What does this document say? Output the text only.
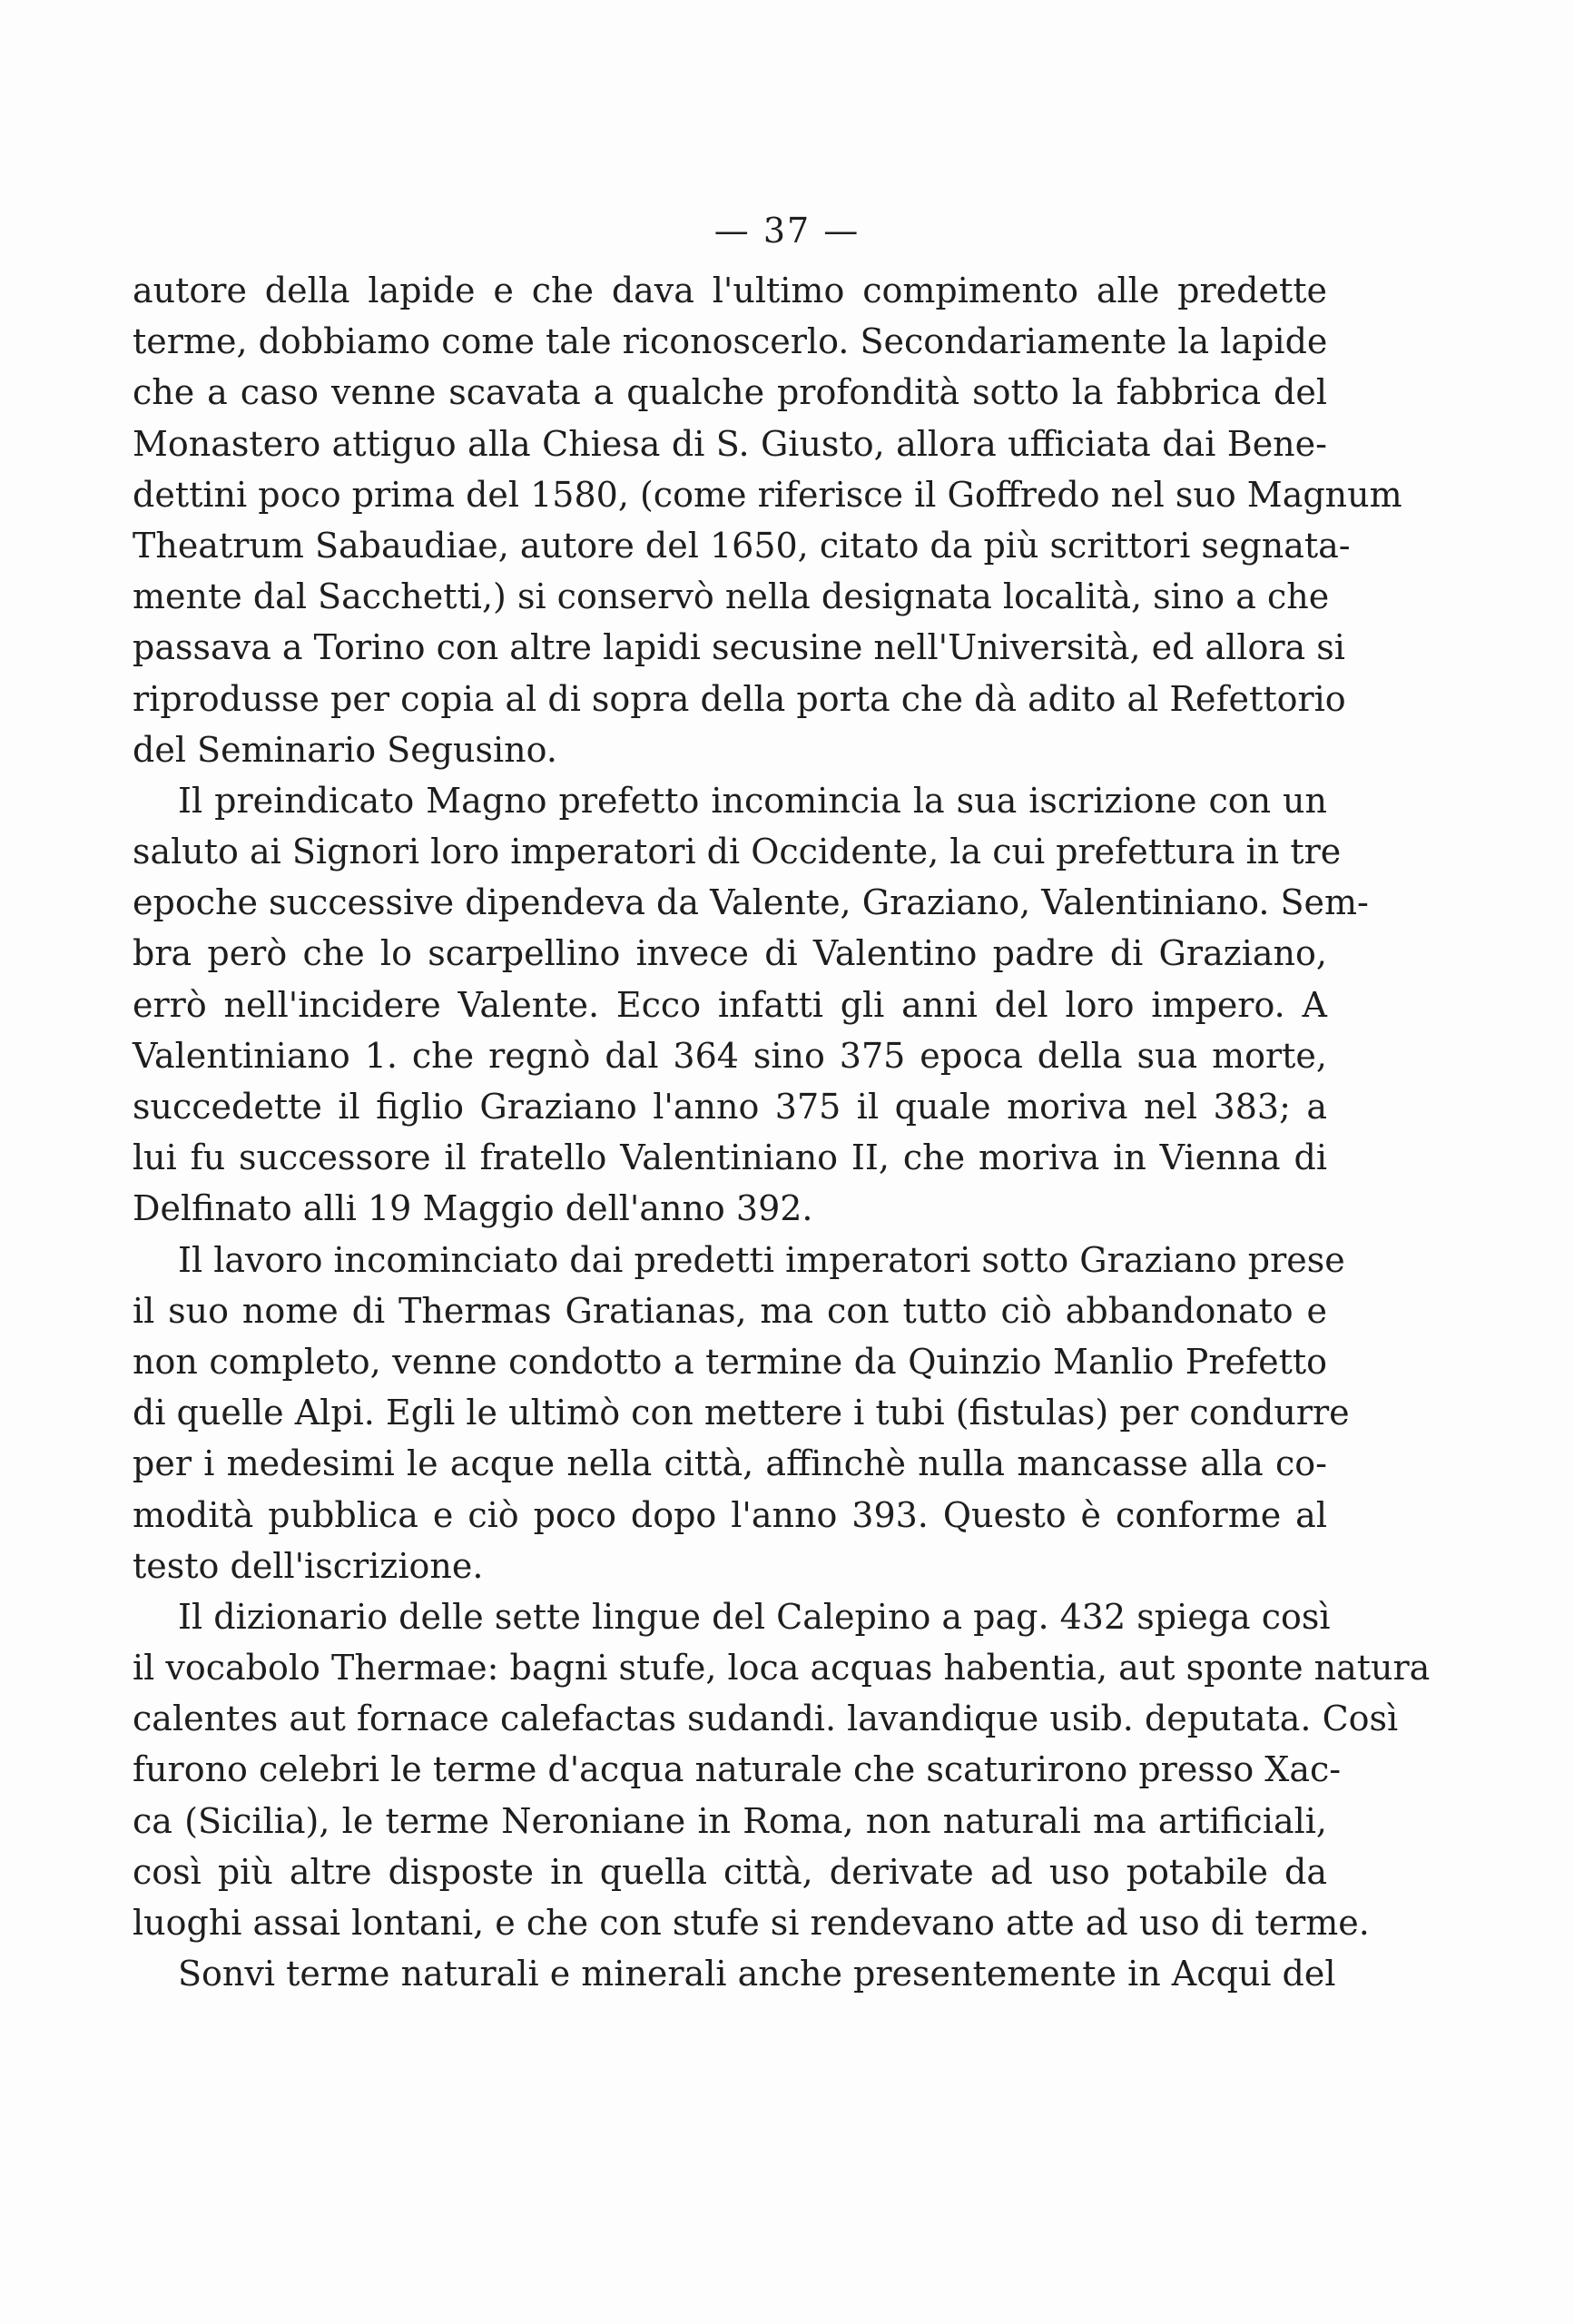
— 37 —
autore della lapide e che dava l'ultimo compimento alle predette
terme, dobbiamo come tale riconoscerlo. Secondariamente la lapide
che a caso venne scavata a qualche profondità sotto la fabbrica del
Monastero attiguo alla Chiesa di S. Giusto, allora ufficiata dai Bene-
dettini poco prima del 1580, (come riferisce il Goffredo nel suo Magnum
Theatrum Sabaudiae, autore del 1650, citato da più scrittori segnata-
mente dal Sacchetti,) si conservò nella designata località, sino a che
passava a Torino con altre lapidi secusine nell'Università, ed allora si
riprodusse per copia al di sopra della porta che dà adito al Refettorio
del Seminario Segusino.
Il preindicato Magno prefetto incomincia la sua iscrizione con un
saluto ai Signori loro imperatori di Occidente, la cui prefettura in tre
epoche successive dipendeva da Valente, Graziano, Valentiniano. Sem-
bra però che lo scarpellino invece di Valentino padre di Graziano,
errò nell'incidere Valente. Ecco infatti gli anni del loro impero. A
Valentiniano 1. che regnò dal 364 sino 375 epoca della sua morte,
succedette il figlio Graziano l'anno 375 il quale moriva nel 383; a
lui fu successore il fratello Valentiniano II, che moriva in Vienna di
Delfinato alli 19 Maggio dell'anno 392.
Il lavoro incominciato dai predetti imperatori sotto Graziano prese
il suo nome di Thermas Gratianas, ma con tutto ciò abbandonato e
non completo, venne condotto a termine da Quinzio Manlio Prefetto
di quelle Alpi. Egli le ultimò con mettere i tubi (fistulas) per condurre
per i medesimi le acque nella città, affinchè nulla mancasse alla co-
modità pubblica e ciò poco dopo l'anno 393. Questo è conforme al
testo dell'iscrizione.
Il dizionario delle sette lingue del Calepino a pag. 432 spiega così
il vocabolo Thermae: bagni stufe, loca acquas habentia, aut sponte natura
calentes aut fornace calefactas sudandi. lavandique usib. deputata. Così
furono celebri le terme d'acqua naturale che scaturirono presso Xac-
ca (Sicilia), le terme Neroniane in Roma, non naturali ma artificiali,
così più altre disposte in quella città, derivate ad uso potabile da
luoghi assai lontani, e che con stufe si rendevano atte ad uso di terme.
Sonvi terme naturali e minerali anche presentemente in Acqui del
